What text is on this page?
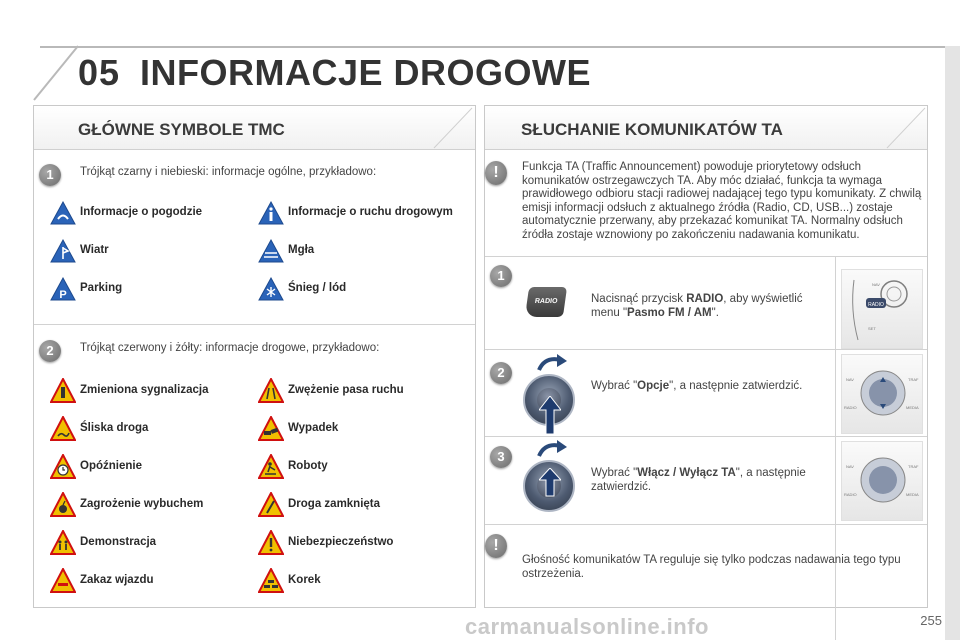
05 INFORMACJE DROGOWE
GŁÓWNE SYMBOLE TMC
1	Trójkąt czarny i niebieski: informacje ogólne, przykładowo:
Informacje o pogodzie	Informacje o ruchu drogowym
Wiatr	Mgła
P
Parking	Śnieg / lód
2	Trójkąt czerwony i żółty: informacje drogowe, przykładowo:
Zmieniona sygnalizacja	Zwężenie pasa ruchu
Śliska droga	Wypadek
Opóźnienie	Roboty
Zagrożenie wybuchem	Droga zamknięta
Demonstracja	Niebezpieczeństwo
Zakaz wjazdu	Korek
SŁUCHANIE KOMUNIKATÓW TA
!	Funkcja TA (Traffic Announcement) powoduje priorytetowy odsłuch komunikatów ostrzegawczych TA. Aby móc działać, funkcja ta wymaga prawidłowego odbioru stacji radiowej nadającej tego typu komunikaty. Z chwilą emisji informacji odsłuch z aktualnego źródła (Radio, CD, USB...) zostaje automatycznie przerwany, aby przekazać komunikat TA. Normalny odsłuch źródła zostaje wznowiony po zakończeniu nadawania komunikatu.
1
RADIO	Nacisnąć przycisk RADIO, aby wyświetlić menu "Pasmo FM / AM".
RADIO
NAV
SET
2
Wybrać "Opcje", a następnie zatwierdzić.
NAV	TRAF
RADIO	MEDIA
3
Wybrać "Włącz / Wyłącz TA", a następnie zatwierdzić.
NAV	TRAF
RADIO	MEDIA
!
Głośność komunikatów TA reguluje się tylko podczas nadawania tego typu ostrzeżenia.
carmanualsonline.info	255
